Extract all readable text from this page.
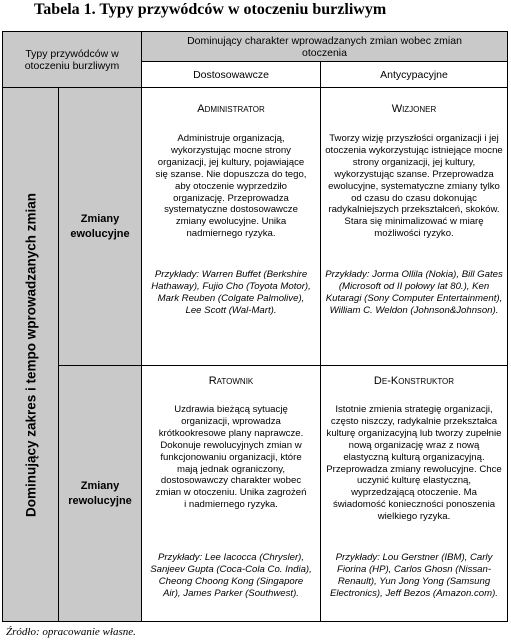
Tabela 1. Typy przywódców w otoczeniu burzliwym
Typy przywódców w otoczeniu burzliwym
Dominujący charakter wprowadzanych zmian wobec zmian otoczenia
Dostosowawcze	Antycypacyjne
Dominujący zakres i tempo wprowadzanych zmian	Zmiany ewolucyjne
Zmiany rewolucyjne
Administrator
Administruje organizacją, wykorzystując mocne strony organizacji, jej kultury, pojawiające się szanse. Nie dopuszcza do tego, aby otoczenie wyprzedziło organizację. Przeprowadza systematyczne dostosowawcze zmiany ewolucyjne. Unika nadmiernego ryzyka.
Przykłady: Warren Buffet (Berkshire Hathaway), Fujio Cho (Toyota Motor), Mark Reuben (Colgate Palmolive), Lee Scott (Wal-Mart).
Wizjoner
Tworzy wizję przyszłości organizacji i jej otoczenia wykorzystując istniejące mocne strony organizacji, jej kultury, wykorzystując szanse. Przeprowadza ewolucyjne, systematyczne zmiany tylko od czasu do czasu dokonując radykalniejszych przekształceń, skoków. Stara się minimalizować w miarę możliwości ryzyko.
Przykłady: Jorma Ollila (Nokia), Bill Gates (Microsoft od II połowy lat 80.), Ken Kutaragi (Sony Computer Entertainment), William C. Weldon (Johnson&Johnson).
Ratownik
Uzdrawia bieżącą sytuację organizacji, wprowadza krótkookresowe plany naprawcze. Dokonuje rewolucyjnych zmian w funkcjonowaniu organizacji, które mają jednak ograniczony, dostosowawczy charakter wobec zmian w otoczeniu. Unika zagrożeń i nadmiernego ryzyka.
Przykłady: Lee Iacocca (Chrysler), Sanjeev Gupta (Coca-Cola Co. India), Cheong Choong Kong (Singapore Air), James Parker (Southwest).
De-Konstruktor
Istotnie zmienia strategię organizacji, często niszczy, radykalnie przekształca kulturę organizacyjną lub tworzy zupełnie nową organizację wraz z nową elastyczną kulturą organizacyjną. Przeprowadza zmiany rewolucyjne. Chce uczynić kulturę elastyczną, wyprzedzającą otoczenie. Ma świadomość konieczności ponoszenia wielkiego ryzyka.
Przykłady: Lou Gerstner (IBM), Carly Fiorina (HP), Carlos Ghosn (Nissan-Renault), Yun Jong Yong (Samsung Electronics), Jeff Bezos (Amazon.com).
Źródło: opracowanie własne.
